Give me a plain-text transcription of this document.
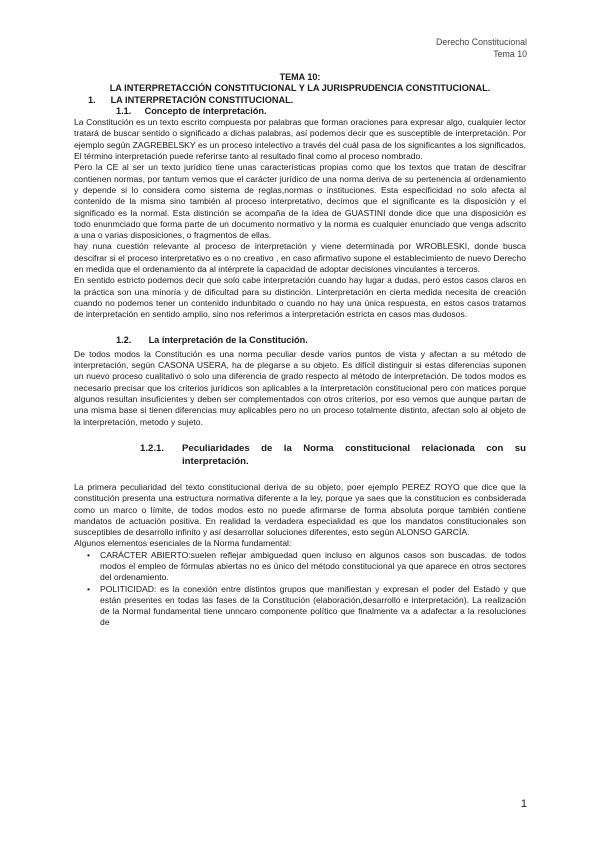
Derecho Constitucional
Tema 10
TEMA 10:
LA INTERPRETACCIÓN CONSTITUCIONAL Y LA JURISPRUDENCIA CONSTITUCIONAL.
1. LA INTERPRETACIÓN CONSTITUCIONAL.
1.1. Concepto de ínterpretación.

La Constitución es un texto escrito compuesta por palabras que forman oraciones para expresar algo, cualquier lector tratará de buscar sentido o significado a dichas palabras, así podemos decir que es susceptible de interpretación. Por ejemplo según ZAGREBELSKY es un proceso intelectivo a través del cuál pasa de los significantes a los significados. El término interpretación puede referirse tanto al resultado final como al proceso nombrado.

Pero la CE al ser un texto jurídico tiene unas características propias como que los textos que tratan de descifrar contienen normas, por tantum vemos que el carácter jurídico de una norma deriva de su pertenencia al ordenamiento y depende si lo considera como sistema de reglas,normas o instituciones. Esta especificidad no solo afecta al contenido de la misma sino también al proceso interpretativo, decimos que el significante es la disposición y el significado es la normal. Esta distinción se acompaña de la ídea de GUASTINI donde dice que una disposición es todo enunmciado que forma parte de un documento normativo y la norma es cualquier enunciado que venga adscrito a una o varias disposiciones, o fragmentos de ellas.

hay nuna cuestión relevante al proceso de interpretación y viene determinada por WROBLESKI, donde busca descifrar si el proceso interpretativo es o no creativo , en caso afirmativo supone el establecimiento de nuevo Derecho en medida que el ordenamiento da al intérprete la capacidad de adoptar decisiones vinculantes a terceros.

En sentido estricto podemos decir que solo cabe interpretación cuando hay lugar a dudas, pero estos casos claros en la práctica son una minoría y de dificultad para su distinción. Linterpretación en cierta medida necesita de creación cuando no podemos tener un contenido indunbitado o cuando no hay una única respuesta, en estos casos tratamos de interpretación en sentido amplio, sino nos referimos a interpretación estricta en casos mas dudosos.

1.2. La ínterpretación de la Constitución.

De todos modos la Constitución es una norma peculiar desde varios puntos de vista y afectan a su método de interpretación, según CASONA USERA, ha de plegarse a su objeto. Es difícil distinguir si estas diferencias suponen un nuevo proceso cualitativo o solo una diferencia de grado respecto al método de interpretación. De todos modos es necesario precisar que los criterios jurídicos son aplicables a la ínterpretación constitucional pero con matices porque algunos resultan insuficientes y deben ser complementados con otros criterios, por eso vemos que aunque partan de una misma base si tienen diferencias muy aplicables pero no un proceso totalmente distinto, afectan solo al objeto de la interpretación, metodo y sujeto.

1.2.1.	Peculiaridades de la Norma constitucional relacionada con su interpretación.

La primera peculiaridad del texto constitucional deriva de su objeto, poer ejemplo PEREZ ROYO que dice que la constitución presenta una estructura normativa diferente a la ley, porque ya saes que la constitucion es conbsiderada como un marco o límite, de todos modos esto no puede afirmarse de forma absoluta porque también contiene mandatos de actuación positiva. En realidad la verdadera especialidad es que los mandatos constitucionales son susceptibles de desarrollo infinito y así desarrollar soluciones diferentes, esto según ALONSO GARCÍA.

Algunos elementos esenciales de la Norma fundamental:

• CARÁCTER ABIERTO:suelen reflejar ambiguedad quen incluso en algunos casos son buscadas. de todos modos el empleo de fórmulas abiertas no es único del método constitucional ya que aparece en otros sectores del ordenamiento.
• POLITICIDAD: es la conexión entre distintos grupos que manifiestan y expresan el poder del Estado y que están presentes en todas las fases de la Constitución (elaboración,desarrollo e interpretación). La realización de la Normal fundamental tiene unncaro componente político que finalmente va a adafectar a la resoluciones de
1
